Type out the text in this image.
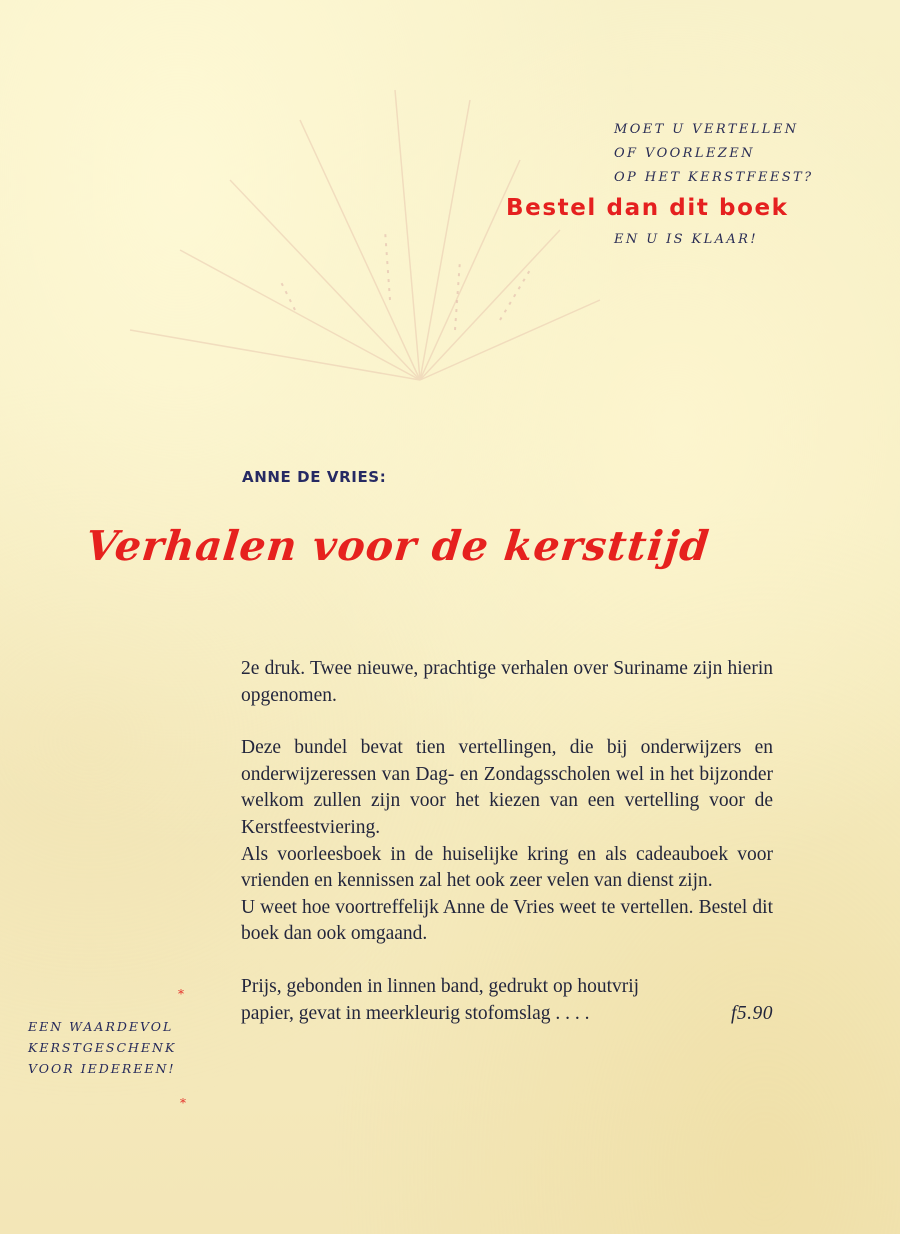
MOET U VERTELLEN
OF VOORLEZEN
OP HET KERSTFEEST?
Bestel dan dit boek
EN U IS KLAAR!
ANNE DE VRIES:
Verhalen voor de kersttijd

2e druk. Twee nieuwe, prachtige verhalen over Suriname zijn hierin opgenomen.

Deze bundel bevat tien vertellingen, die bij onderwijzers en onderwijzeressen van Dag- en Zondagsscholen wel in het bijzonder welkom zullen zijn voor het kiezen van een vertelling voor de Kerstfeestviering.

Als voorleesboek in de huiselijke kring en als cadeauboek voor vrienden en kennissen zal het ook zeer velen van dienst zijn.

U weet hoe voortreffelijk Anne de Vries weet te vertellen. Bestel dit boek dan ook omgaand.

Prijs, gebonden in linnen band, gedrukt op houtvrij

papier, gevat in meerkleurig stofomslag . . . .	f5.90
*
EEN WAARDEVOL
KERSTGESCHENK
VOOR IEDEREEN!
*
